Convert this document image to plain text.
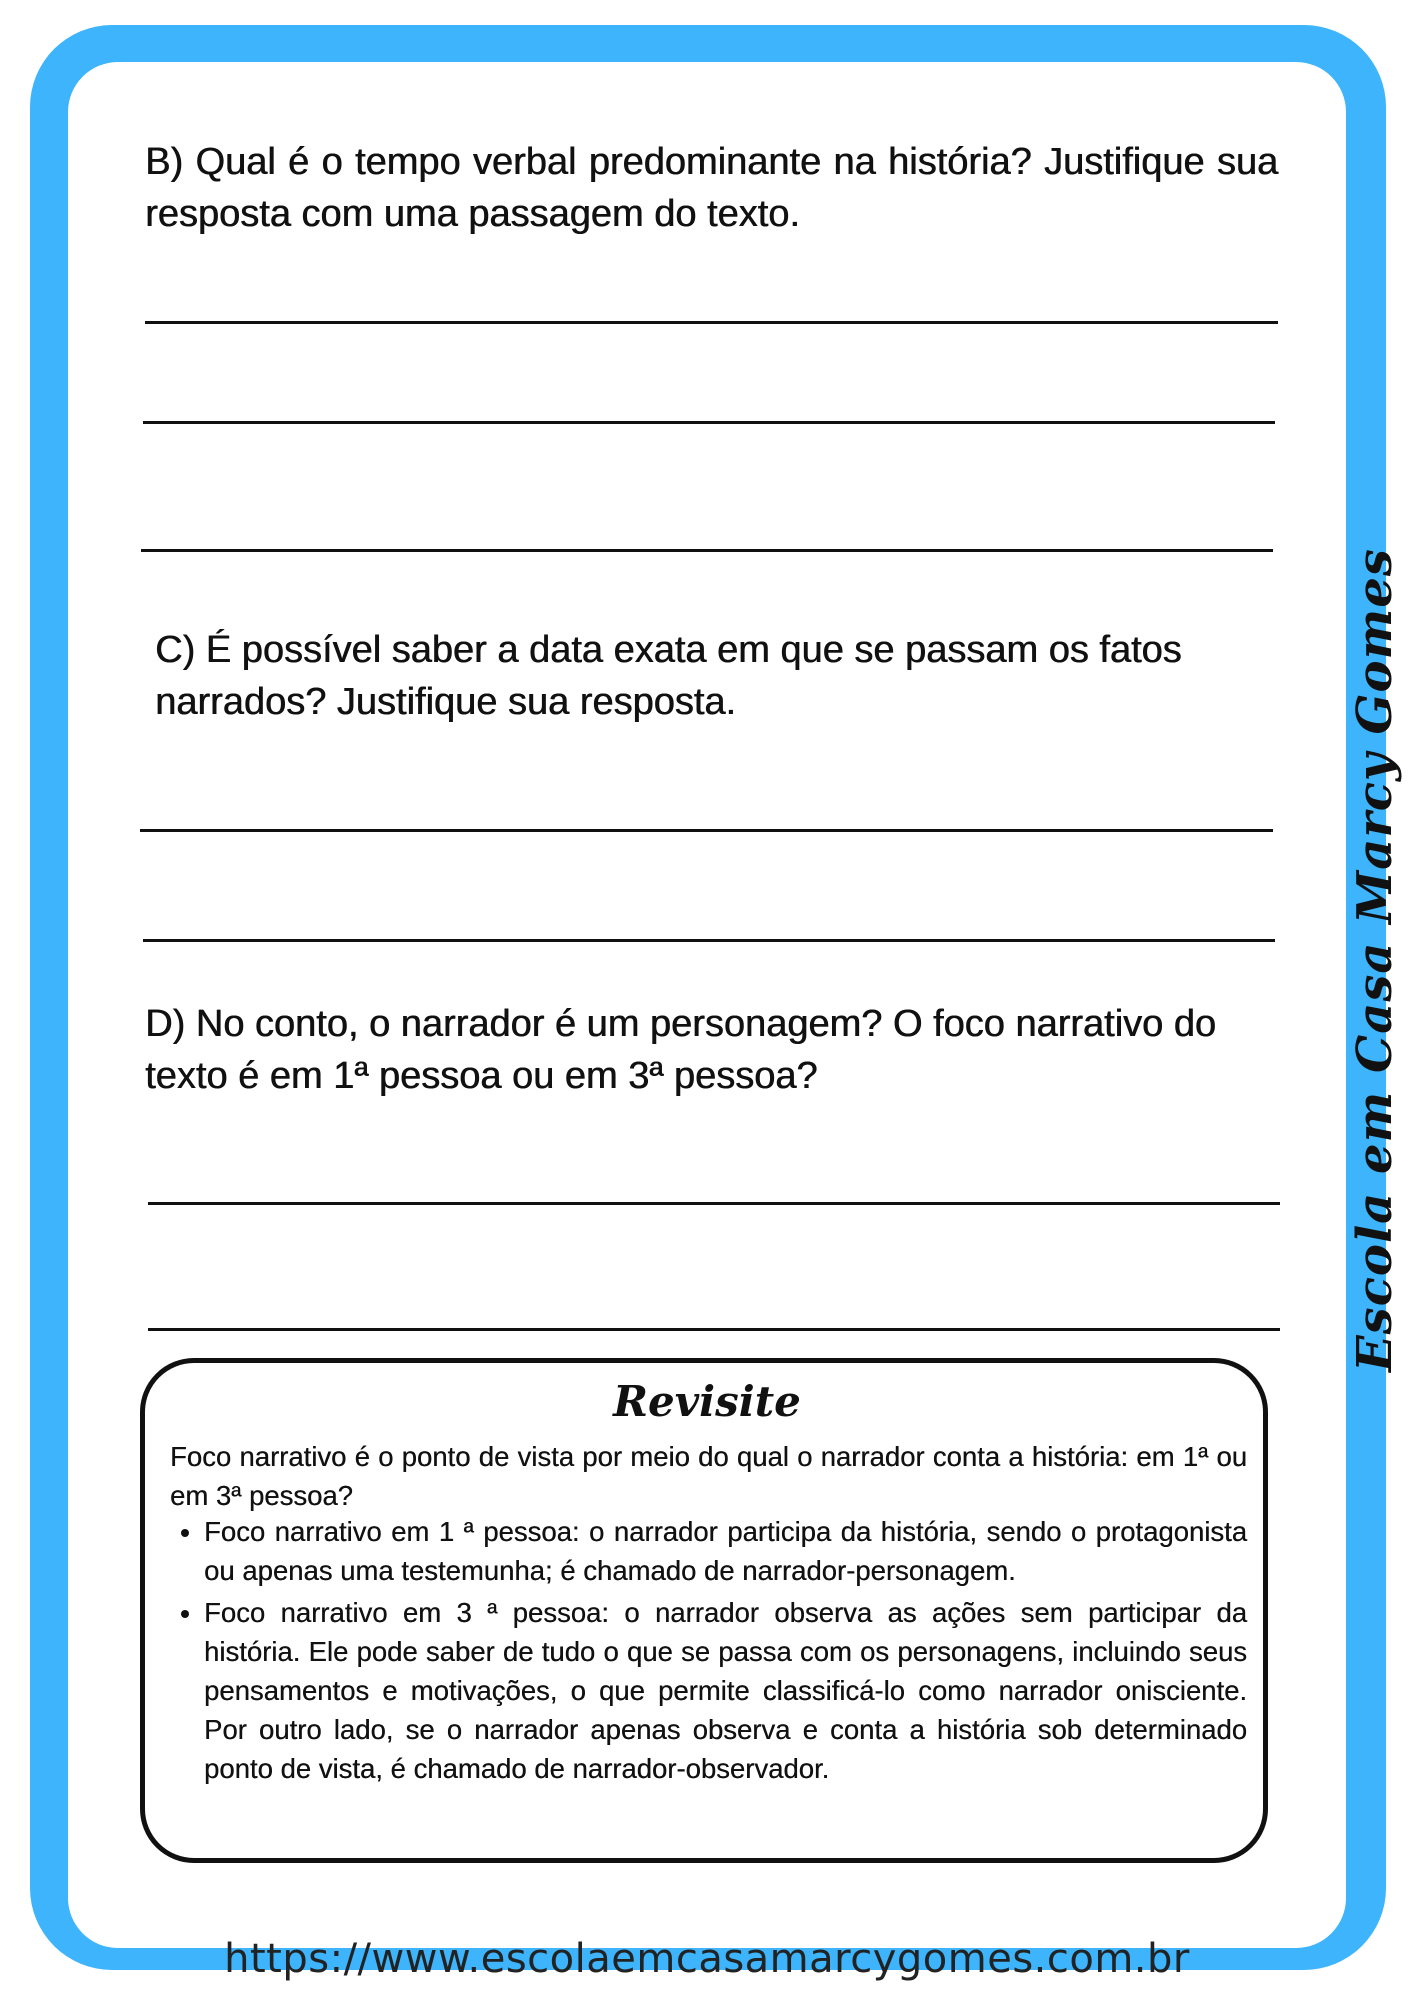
B) Qual é o tempo verbal predominante na história? Justifique sua resposta com uma passagem do texto.
C) É possível saber a data exata em que se passam os fatos narrados? Justifique sua resposta.
D) No conto, o narrador é um personagem? O foco narrativo do texto é em 1ª pessoa ou em 3ª pessoa?	Escola em Casa Marcy Gomes
Revisite
Foco narrativo é o ponto de vista por meio do qual o narrador conta a história: em 1ª ou em 3ª pessoa?
• Foco narrativo em 1 ª pessoa: o narrador participa da história, sendo o protagonista ou apenas uma testemunha; é chamado de narrador-personagem.
• Foco narrativo em 3 ª pessoa: o narrador observa as ações sem participar da história. Ele pode saber de tudo o que se passa com os personagens, incluindo seus pensamentos e motivações, o que permite classificá-lo como narrador onisciente. Por outro lado, se o narrador apenas observa e conta a história sob determinado ponto de vista, é chamado de narrador-observador.
https://www.escolaemcasamarcygomes.com.br
